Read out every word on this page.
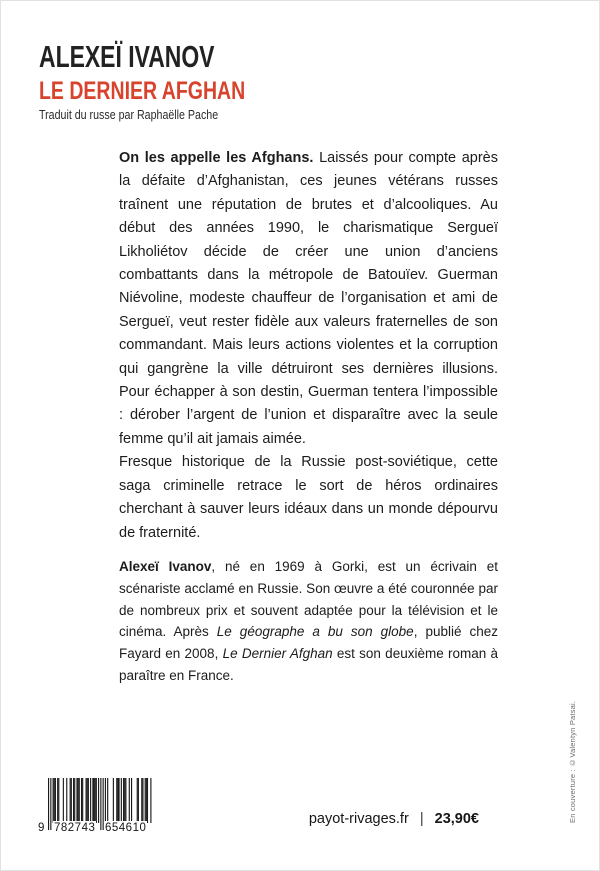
ALEXEÏ IVANOV
LE DERNIER AFGHAN
Traduit du russe par Raphaëlle Pache

On les appelle les Afghans. Laissés pour compte après la défaite d’Afghanistan, ces jeunes vétérans russes traînent une réputation de brutes et d’alcooliques. Au début des années 1990, le charismatique Sergueï Likholiétov décide de créer une union d’anciens combattants dans la métropole de Batouïev. Guerman Niévoline, modeste chauffeur de l’organisation et ami de Sergueï, veut rester fidèle aux valeurs fraternelles de son commandant. Mais leurs actions violentes et la corruption qui gangrène la ville détruiront ses dernières illusions. Pour échapper à son destin, Guerman tentera l’impossible : dérober l’argent de l’union et disparaître avec la seule femme qu’il ait jamais aimée.

Fresque historique de la Russie post-soviétique, cette saga criminelle retrace le sort de héros ordinaires cherchant à sauver leurs idéaux dans un monde dépourvu de fraternité.

Alexeï Ivanov, né en 1969 à Gorki, est un écrivain et scénariste acclamé en Russie. Son œuvre a été couronnée par de nombreux prix et souvent adaptée pour la télévision et le cinéma. Après Le géographe a bu son globe, publié chez Fayard en 2008, Le Dernier Afghan est son deuxième roman à paraître en France.

9 782743 654610
payot-rivages.fr | 23,90€	En couverture : ©Valentyn Patsai.
